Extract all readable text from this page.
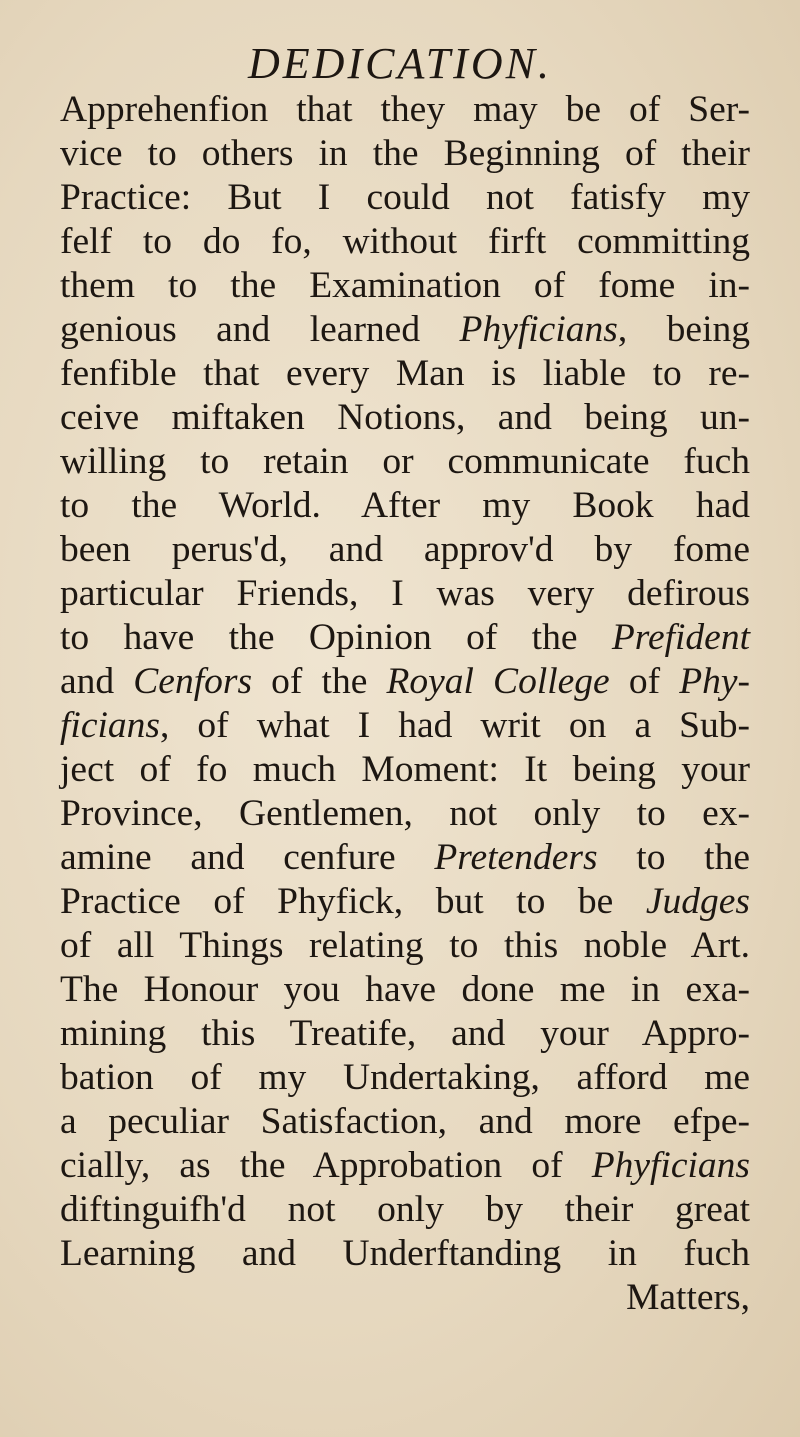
DEDICATION.
Apprehenfion that they may be of Ser-
vice to others in the Beginning of their
Practice: But I could not fatisfy my
felf to do fo, without firft committing
them to the Examination of fome in-
genious and learned Phyficians, being
fenfible that every Man is liable to re-
ceive miftaken Notions, and being un-
willing to retain or communicate fuch
to the World. After my Book had
been perus'd, and approv'd by fome
particular Friends, I was very defirous
to have the Opinion of the Prefident
and Cenfors of the Royal College of Phy-
ficians, of what I had writ on a Sub-
ject of fo much Moment: It being your
Province, Gentlemen, not only to ex-
amine and cenfure Pretenders to the
Practice of Phyfick, but to be Judges
of all Things relating to this noble Art.
The Honour you have done me in exa-
mining this Treatife, and your Appro-
bation of my Undertaking, afford me
a peculiar Satisfaction, and more efpe-
cially, as the Approbation of Phyficians
diftinguifh'd not only by their great
Learning and Underftanding in fuch
Matters,
